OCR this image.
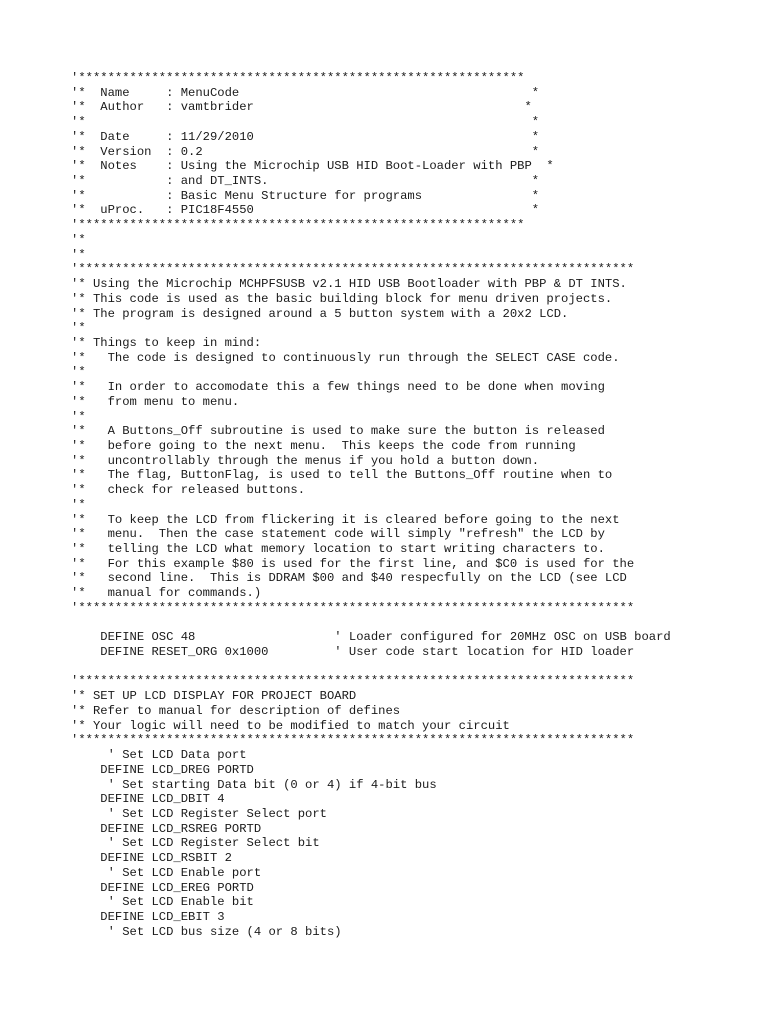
'*************************************************************
'*  Name     : MenuCode                                        *
'*  Author   : vamtbrider                                     *
'*                                                             *
'*  Date     : 11/29/2010                                      *
'*  Version  : 0.2                                             *
'*  Notes    : Using the Microchip USB HID Boot-Loader with PBP  *
'*           : and DT_INTS.                                    *
'*           : Basic Menu Structure for programs               *
'*  uProc.   : PIC18F4550                                      *
'*************************************************************
'*
'*
'****************************************************************************
'* Using the Microchip MCHPFSUSB v2.1 HID USB Bootloader with PBP & DT INTS.
'* This code is used as the basic building block for menu driven projects.
'* The program is designed around a 5 button system with a 20x2 LCD.
'*
'* Things to keep in mind:
'*   The code is designed to continuously run through the SELECT CASE code.
'*
'*   In order to accomodate this a few things need to be done when moving
'*   from menu to menu.
'*
'*   A Buttons_Off subroutine is used to make sure the button is released
'*   before going to the next menu.  This keeps the code from running
'*   uncontrollably through the menus if you hold a button down.
'*   The flag, ButtonFlag, is used to tell the Buttons_Off routine when to
'*   check for released buttons.
'*
'*   To keep the LCD from flickering it is cleared before going to the next
'*   menu.  Then the case statement code will simply "refresh" the LCD by
'*   telling the LCD what memory location to start writing characters to.
'*   For this example $80 is used for the first line, and $C0 is used for the
'*   second line.  This is DDRAM $00 and $40 respecfully on the LCD (see LCD
'*   manual for commands.)
'****************************************************************************
DEFINE OSC 48                   ' Loader configured for 20MHz OSC on USB board
DEFINE RESET_ORG 0x1000         ' User code start location for HID loader
'****************************************************************************
'* SET UP LCD DISPLAY FOR PROJECT BOARD
'* Refer to manual for description of defines
'* Your logic will need to be modified to match your circuit
'****************************************************************************
' Set LCD Data port
DEFINE LCD_DREG PORTD
' Set starting Data bit (0 or 4) if 4-bit bus
DEFINE LCD_DBIT 4
' Set LCD Register Select port
DEFINE LCD_RSREG PORTD
' Set LCD Register Select bit
DEFINE LCD_RSBIT 2
' Set LCD Enable port
DEFINE LCD_EREG PORTD
' Set LCD Enable bit
DEFINE LCD_EBIT 3
' Set LCD bus size (4 or 8 bits)
